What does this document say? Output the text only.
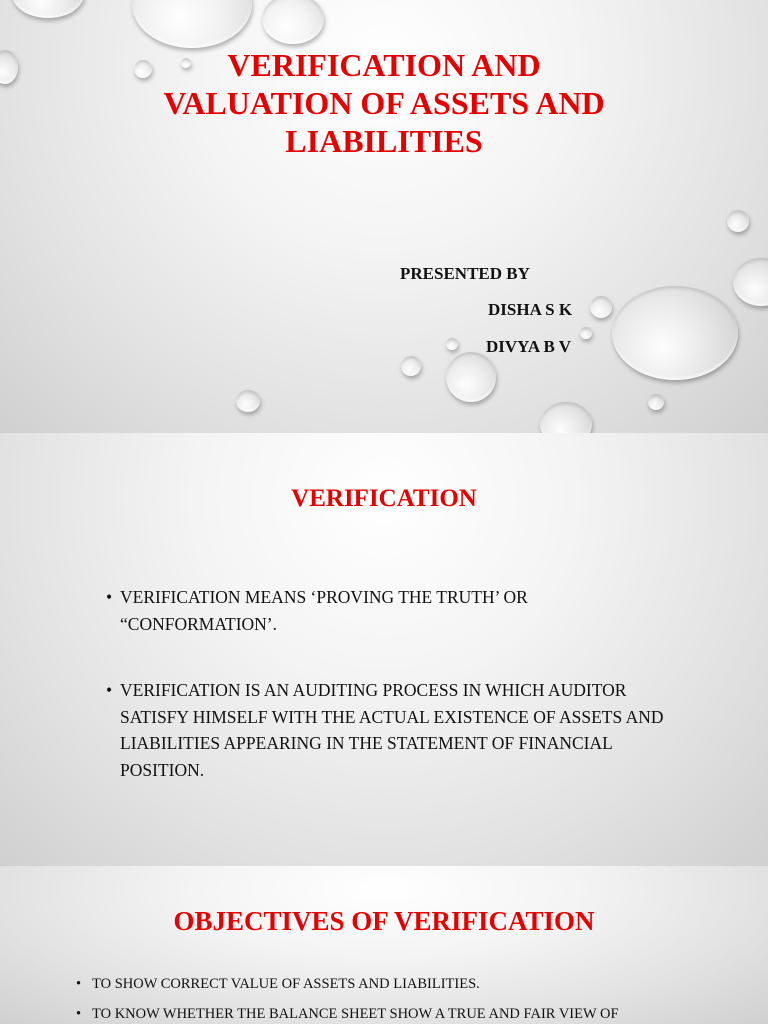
VERIFICATION AND
VALUATION OF ASSETS AND
LIABILITIES
PRESENTED BY
DISHA S K
DIVYA B V
VERIFICATION
• VERIFICATION MEANS ‘PROVING THE TRUTH’ OR “CONFORMATION’.
• VERIFICATION IS AN AUDITING PROCESS IN WHICH AUDITOR SATISFY HIMSELF WITH THE ACTUAL EXISTENCE OF ASSETS AND LIABILITIES APPEARING IN THE STATEMENT OF FINANCIAL POSITION.
OBJECTIVES OF VERIFICATION
• TO SHOW CORRECT VALUE OF ASSETS AND LIABILITIES.
• TO KNOW WHETHER THE BALANCE SHEET SHOW A TRUE AND FAIR VIEW OF
